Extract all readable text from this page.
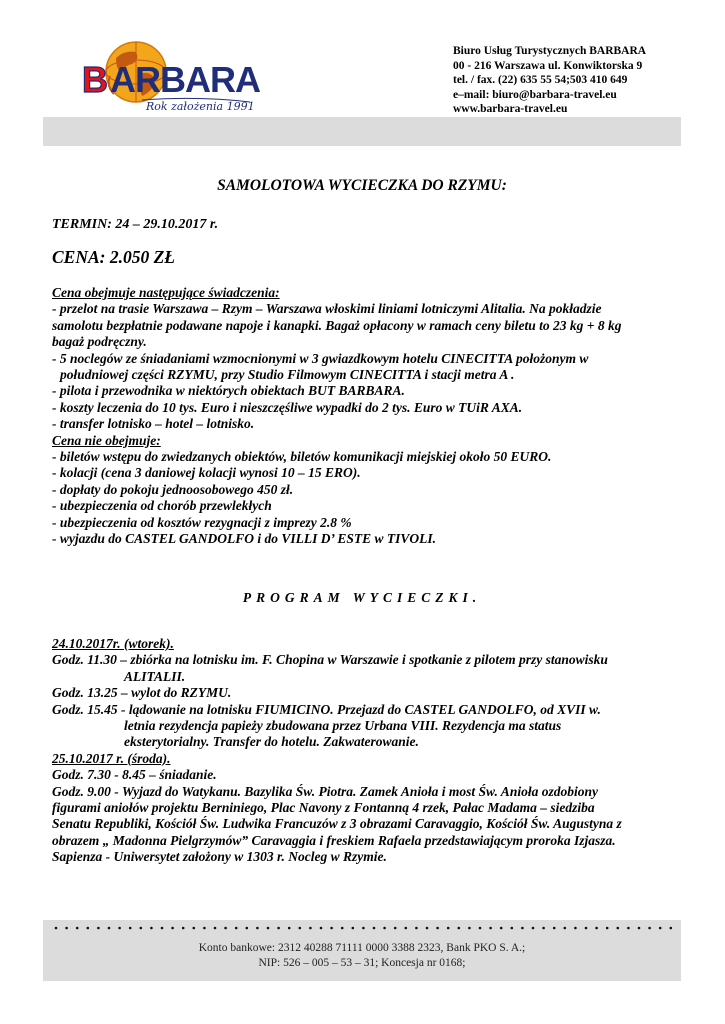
B ARBARA
Rok założenia 1991
Biuro Usług Turystycznych BARBARA
00 - 216 Warszawa ul. Konwiktorska 9
tel. / fax. (22) 635 55 54;503 410 649
e–mail: biuro@barbara-travel.eu
www.barbara-travel.eu
SAMOLOTOWA WYCIECZKA DO RZYMU:
TERMIN: 24 – 29.10.2017 r.
CENA: 2.050 ZŁ
Cena obejmuje następujące świadczenia:
- przelot na trasie Warszawa – Rzym – Warszawa włoskimi liniami lotniczymi Alitalia. Na pokładzie
samolotu bezpłatnie podawane napoje i kanapki. Bagaż opłacony w ramach ceny biletu to 23 kg + 8 kg
bagaż podręczny.
- 5 noclegów ze śniadaniami wzmocnionymi w 3 gwiazdkowym hotelu CINECITTA położonym w
południowej części RZYMU, przy Studio Filmowym CINECITTA i stacji metra A .
- pilota i przewodnika w niektórych obiektach BUT BARBARA.
- koszty leczenia do 10 tys. Euro i nieszczęśliwe wypadki do 2 tys. Euro w TUiR AXA.
- transfer lotnisko – hotel – lotnisko.
Cena nie obejmuje:
- biletów wstępu do zwiedzanych obiektów, biletów komunikacji miejskiej około 50 EURO.
- kolacji (cena 3 daniowej kolacji wynosi 10 – 15 ERO).
- dopłaty do pokoju jednoosobowego 450 zł.
- ubezpieczenia od chorób przewlekłych
- ubezpieczenia od kosztów rezygnacji z imprezy 2.8 %
- wyjazdu do CASTEL GANDOLFO i do VILLI D’ ESTE w TIVOLI.
PROGRAM WYCIECZKI.
24.10.2017r. (wtorek).
Godz. 11.30 – zbiórka na lotnisku im. F. Chopina w Warszawie i spotkanie z pilotem przy stanowisku
ALITALII.
Godz. 13.25 – wylot do RZYMU.
Godz. 15.45 - lądowanie na lotnisku FIUMICINO. Przejazd do CASTEL GANDOLFO, od XVII w.
letnia rezydencja papieży zbudowana przez Urbana VIII. Rezydencja ma status
eksterytorialny. Transfer do hotelu. Zakwaterowanie.
25.10.2017 r. (środa).
Godz. 7.30 - 8.45 – śniadanie.
Godz. 9.00 - Wyjazd do Watykanu. Bazylika Św. Piotra. Zamek Anioła i most Św. Anioła ozdobiony
figurami aniołów projektu Berniniego, Plac Navony z Fontanną 4 rzek, Pałac Madama – siedziba
Senatu Republiki, Kościół Św. Ludwika Francuzów z 3 obrazami Caravaggio, Kościół Św. Augustyna z
obrazem „ Madonna Pielgrzymów” Caravaggia i freskiem Rafaela przedstawiającym proroka Izjasza.
Sapienza - Uniwersytet założony w 1303 r. Nocleg w Rzymie.
Konto bankowe: 2312 40288 71111 0000 3388 2323, Bank PKO S. A.;
NIP: 526 – 005 – 53 – 31; Koncesja nr 0168;
